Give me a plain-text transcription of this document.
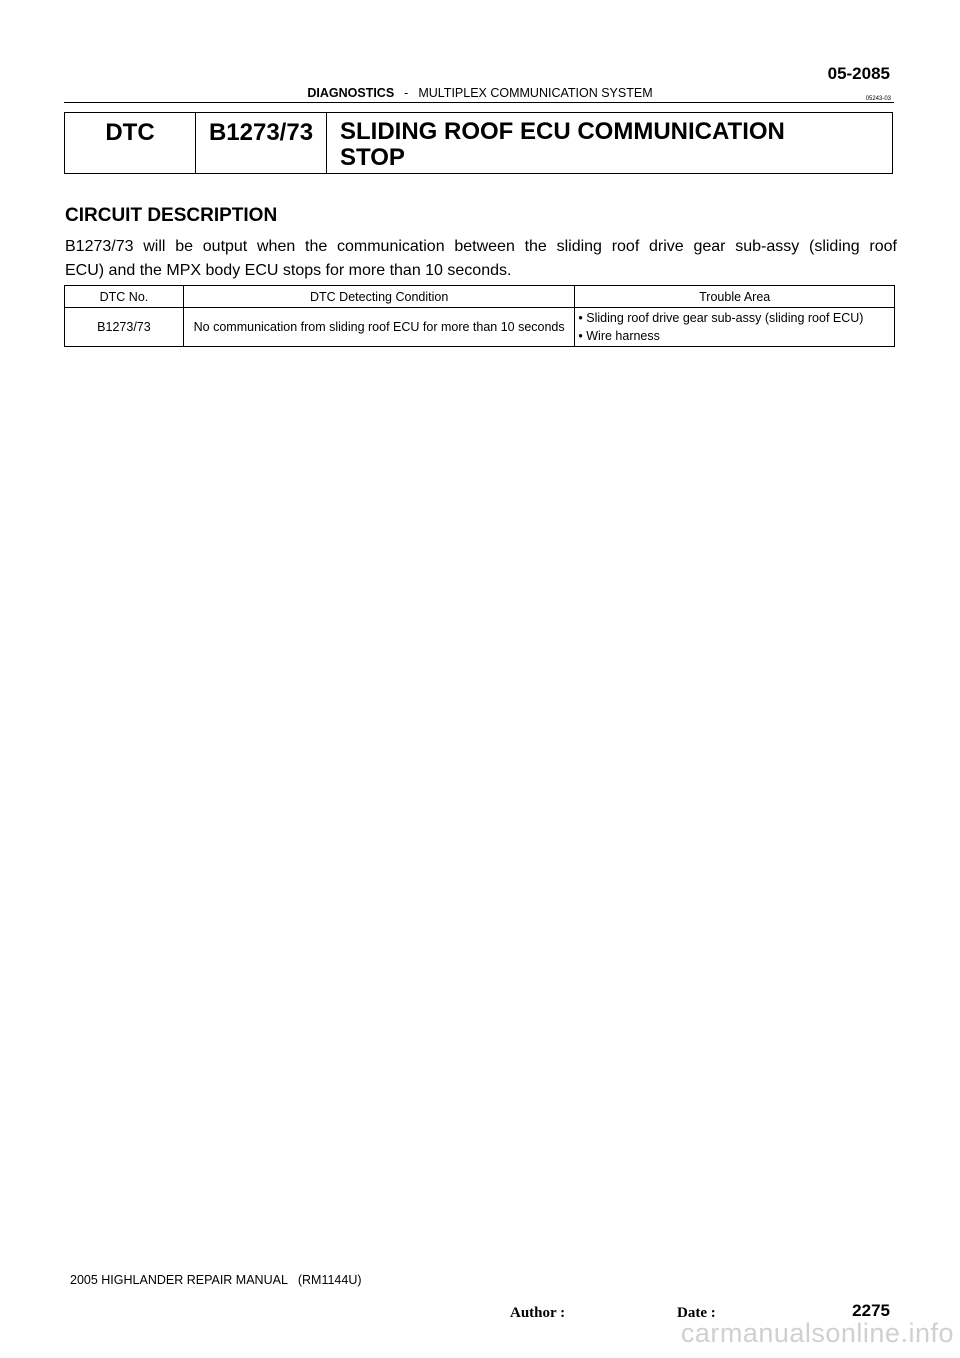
05-2085
DIAGNOSTICS - MULTIPLEX COMMUNICATION SYSTEM	05243-03
DTC	B1273/73	SLIDING ROOF ECU COMMUNICATION
STOP
CIRCUIT DESCRIPTION
B1273/73 will be output when the communication between the sliding roof drive gear sub-assy (sliding roof
ECU) and the MPX body ECU stops for more than 10 seconds.
DTC No.	DTC Detecting Condition	Trouble Area
B1273/73	No communication from sliding roof ECU for more than 10 seconds	• Sliding roof drive gear sub-assy (sliding roof ECU)
• Wire harness
2005 HIGHLANDER REPAIR MANUAL   (RM1144U)
Author :	Date :	2275
carmanualsonline.info
